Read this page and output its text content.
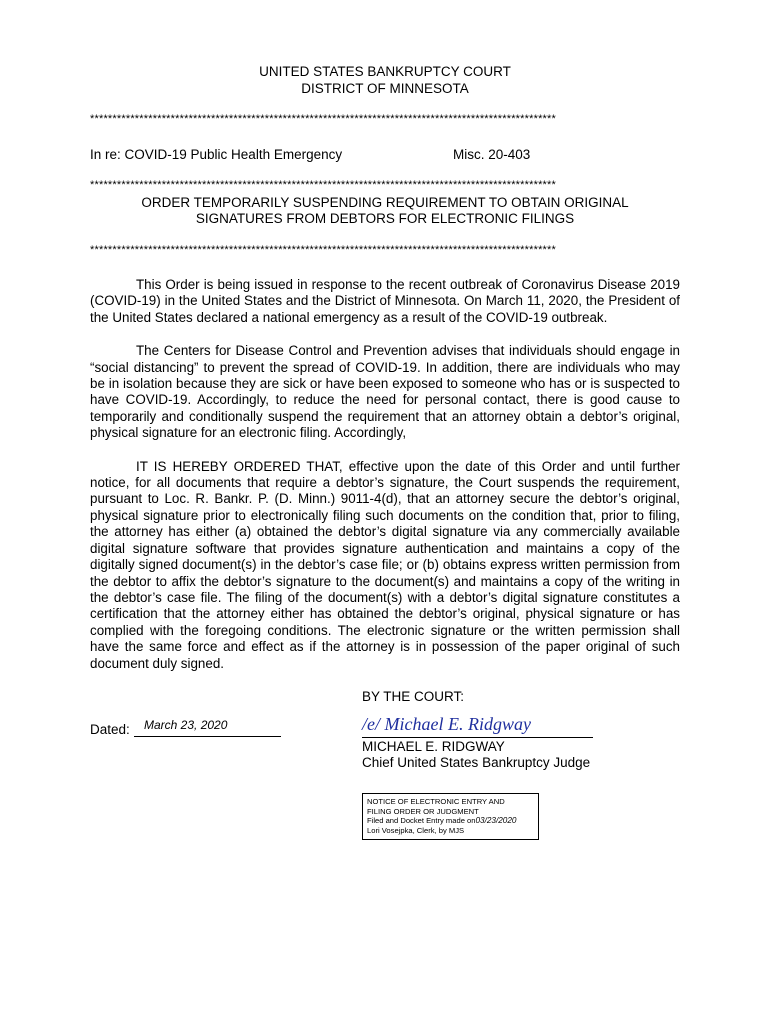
UNITED STATES BANKRUPTCY COURT
DISTRICT OF MINNESOTA
********************************************************************************************************
In re: COVID-19 Public Health Emergency	Misc. 20-403
********************************************************************************************************
ORDER TEMPORARILY SUSPENDING REQUIREMENT TO OBTAIN ORIGINAL
SIGNATURES FROM DEBTORS FOR ELECTRONIC FILINGS
********************************************************************************************************

This Order is being issued in response to the recent outbreak of Coronavirus Disease 2019 (COVID-19) in the United States and the District of Minnesota. On March 11, 2020, the President of the United States declared a national emergency as a result of the COVID-19 outbreak.

The Centers for Disease Control and Prevention advises that individuals should engage in “social distancing” to prevent the spread of COVID-19. In addition, there are individuals who may be in isolation because they are sick or have been exposed to someone who has or is suspected to have COVID-19. Accordingly, to reduce the need for personal contact, there is good cause to temporarily and conditionally suspend the requirement that an attorney obtain a debtor’s original, physical signature for an electronic filing. Accordingly,

IT IS HEREBY ORDERED THAT, effective upon the date of this Order and until further notice, for all documents that require a debtor’s signature, the Court suspends the requirement, pursuant to Loc. R. Bankr. P. (D. Minn.) 9011-4(d), that an attorney secure the debtor’s original, physical signature prior to electronically filing such documents on the condition that, prior to filing, the attorney has either (a) obtained the debtor’s digital signature via any commercially available digital signature software that provides signature authentication and maintains a copy of the digitally signed document(s) in the debtor’s case file; or (b) obtains express written permission from the debtor to affix the debtor’s signature to the document(s) and maintains a copy of the writing in the debtor’s case file. The filing of the document(s) with a debtor’s digital signature constitutes a certification that the attorney either has obtained the debtor’s original, physical signature or has complied with the foregoing conditions. The electronic signature or the written permission shall have the same force and effect as if the attorney is in possession of the paper original of such document duly signed.

BY THE COURT:
Dated: March 23, 2020	/e/ Michael E. Ridgway
MICHAEL E. RIDGWAY
Chief United States Bankruptcy Judge
NOTICE OF ELECTRONIC ENTRY AND
FILING ORDER OR JUDGMENT
Filed and Docket Entry made on03/23/2020
Lori Vosejpka, Clerk, by MJS
